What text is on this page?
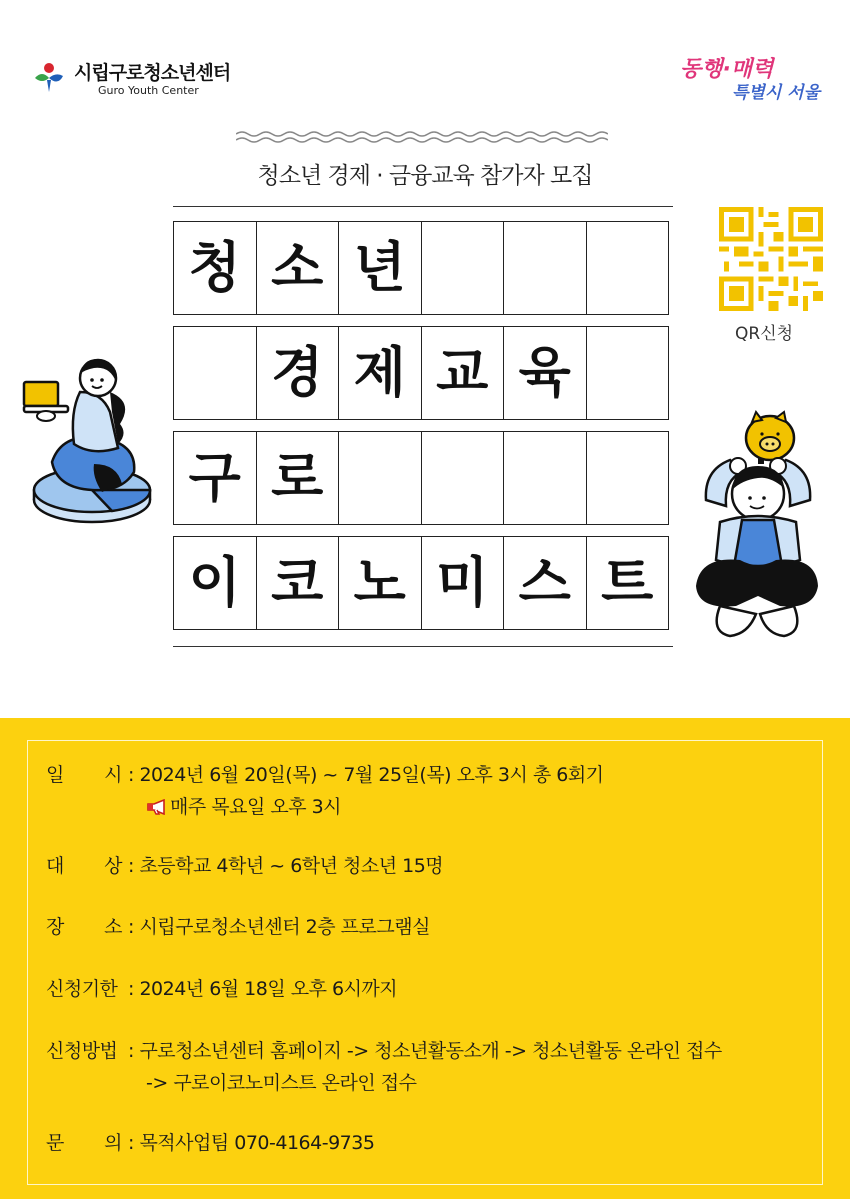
시립구로청소년센터
Guro Youth Center
동행·매력
특별시 서울
청소년 경제 · 금융교육 참가자 모집
청 소 년
경 제 교 육
구 로
이 코 노 미 스 트
QR신청
일 시 : 2024년 6월 20일(목) ~ 7월 25일(목) 오후 3시 총 6회기
매주 목요일 오후 3시
대 상 : 초등학교 4학년 ~ 6학년 청소년 15명
장 소 : 시립구로청소년센터 2층 프로그램실
신청기한 : 2024년 6월 18일 오후 6시까지
신청방법 : 구로청소년센터 홈페이지 -> 청소년활동소개 -> 청소년활동 온라인 접수
-> 구로이코노미스트 온라인 접수
문 의 : 목적사업팀 070-4164-9735
